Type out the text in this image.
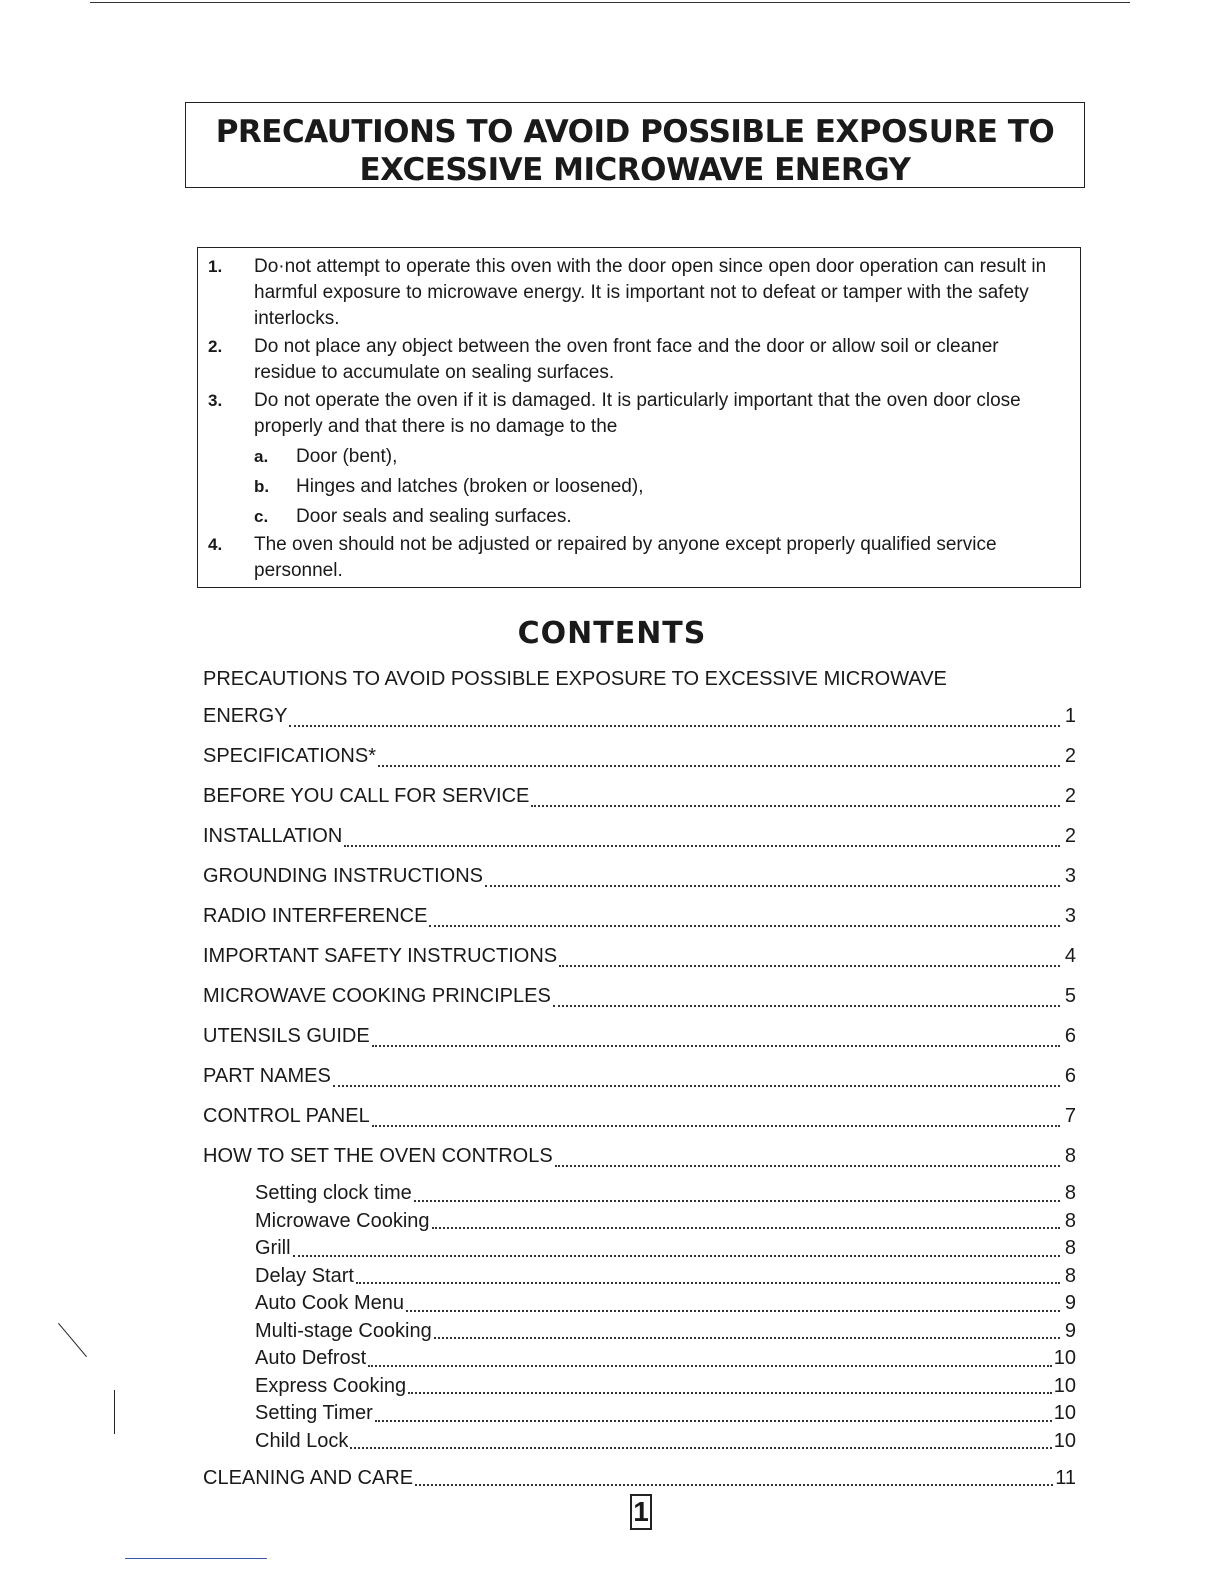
PRECAUTIONS TO AVOID POSSIBLE EXPOSURE TO
EXCESSIVE MICROWAVE ENERGY
1. Do·not attempt to operate this oven with the door open since open door operation can result in harmful exposure to microwave energy. It is important not to defeat or tamper with the safety interlocks.
2. Do not place any object between the oven front face and the door or allow soil or cleaner residue to accumulate on sealing surfaces.
3. Do not operate the oven if it is damaged. It is particularly important that the oven door close properly and that there is no damage to the
a. Door (bent),
b. Hinges and latches (broken or loosened),
c. Door seals and sealing surfaces.
4. The oven should not be adjusted or repaired by anyone except properly qualified service personnel.
CONTENTS
PRECAUTIONS TO AVOID POSSIBLE EXPOSURE TO EXCESSIVE MICROWAVE
ENERGY	1
SPECIFICATIONS*	2
BEFORE YOU CALL FOR SERVICE	2
INSTALLATION	2
GROUNDING INSTRUCTIONS	3
RADIO INTERFERENCE	3
IMPORTANT SAFETY INSTRUCTIONS	4
MICROWAVE COOKING PRINCIPLES	5
UTENSILS GUIDE	6
PART NAMES	6
CONTROL PANEL	7
HOW TO SET THE OVEN CONTROLS	8
Setting clock time	8
Microwave Cooking	8
Grill	8
Delay Start	8
Auto Cook Menu	9
Multi-stage Cooking	9
Auto Defrost	10
Express Cooking	10
Setting Timer	10
Child Lock	10
CLEANING AND CARE	11
1
